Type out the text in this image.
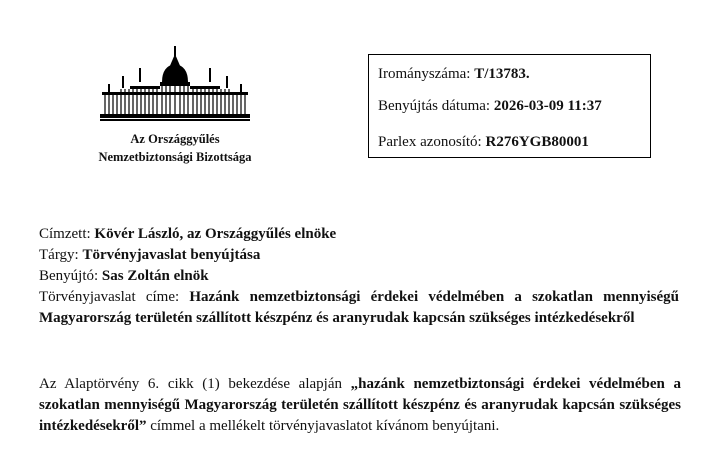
Az Országgyűlés
Nemzetbiztonsági Bizottsága
Irományszáma: T/13783.
Benyújtás dátuma: 2026-03-09 11:37
Parlex azonosító: R276YGB80001

Címzett: Kövér László, az Országgyűlés elnöke

Tárgy: Törvényjavaslat benyújtása

Benyújtó: Sas Zoltán elnök

Törvényjavaslat címe: Hazánk nemzetbiztonsági érdekei védelmében a szokatlan mennyiségű Magyarország területén szállított készpénz és aranyrudak kapcsán szükséges intézkedésekről

Az Alaptörvény 6. cikk (1) bekezdése alapján „hazánk nemzetbiztonsági érdekei védelmében a szokatlan mennyiségű Magyarország területén szállított készpénz és aranyrudak kapcsán szükséges intézkedésekről” címmel a mellékelt törvényjavaslatot kívánom benyújtani.
